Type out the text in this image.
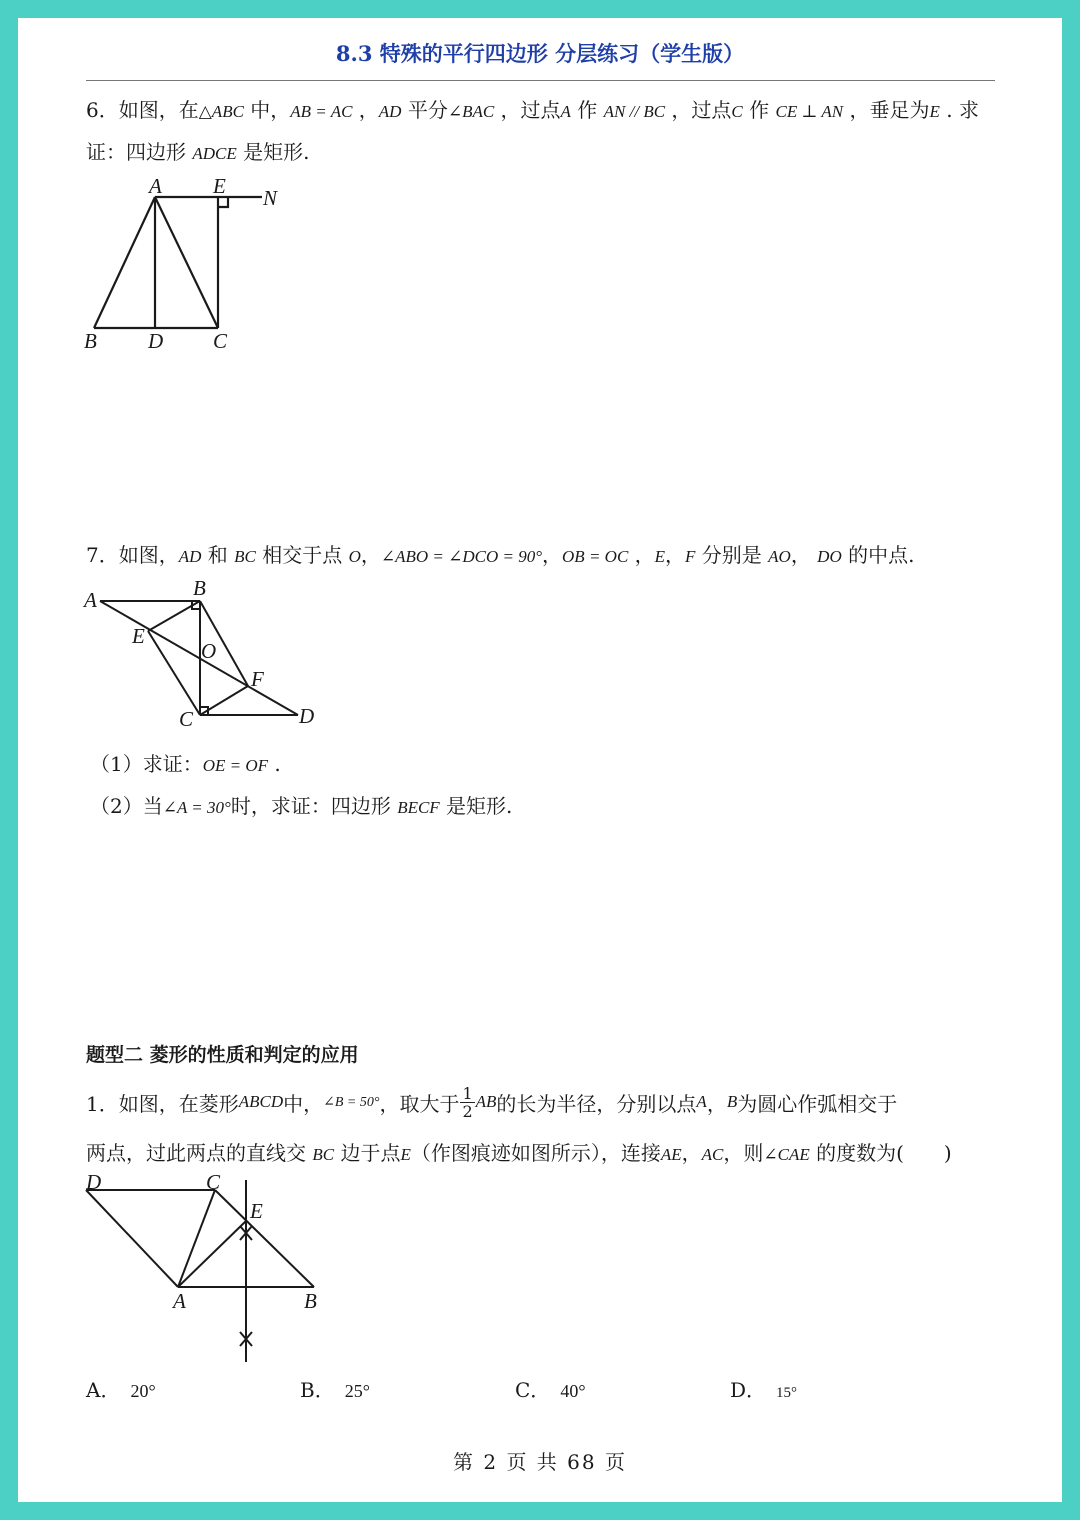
8.3 特殊的平行四边形 分层练习（学生版）
6．如图，在△ABC 中，AB = AC ，AD 平分∠BAC ，过点A 作 AN // BC ，过点C 作 CE ⊥ AN ，垂足为E . 求
证：四边形 ADCE 是矩形.
A E N
B D C
7．如图，AD 和 BC 相交于点 O，∠ABO = ∠DCO = 90°，OB = OC ，E，F 分别是 AO， DO 的中点.
A	B
E
O
F
C	D
（1）求证：OE = OF .
（2）当∠A = 30°时，求证：四边形 BECF 是矩形.
题型二 菱形的性质和判定的应用
1．如图，在菱形 ABCD 中， ∠B = 50° ，取大于 $\frac{1}{2}$ AB 的长为半径，分别以点 A ， B 为圆心作弧相交于
两点，过此两点的直线交 BC 边于点E（作图痕迹如图所示），连接AE，AC，则∠CAE 的度数为(　　)
D	C
E
A	B
A． 20°	B． 25°	C． 40°	D． 15°
第 2 页 共 68 页
